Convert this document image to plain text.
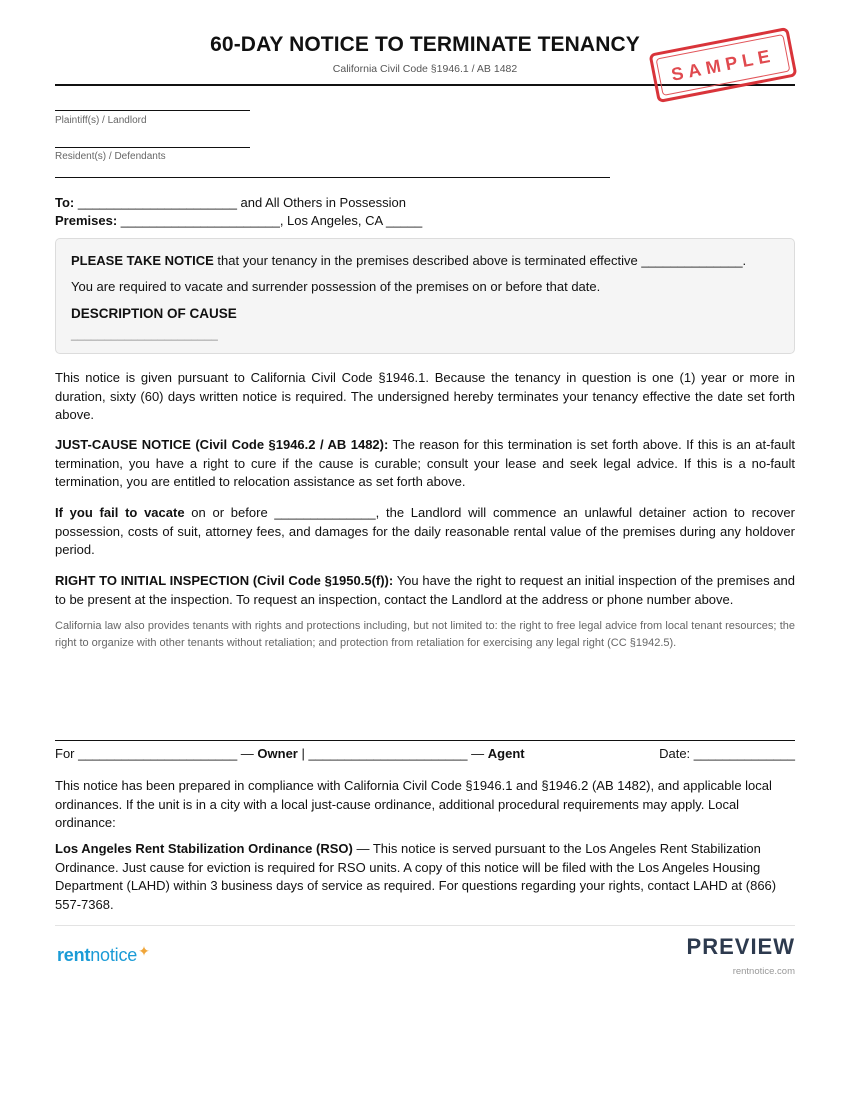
60-DAY NOTICE TO TERMINATE TENANCY
California Civil Code §1946.1 / AB 1482	SAMPLE
Plaintiff(s) / Landlord
Resident(s) / Defendants
To: ______________________ and All Others in Possession
Premises: ______________________, Los Angeles, CA _____
PLEASE TAKE NOTICE that your tenancy in the premises described above is terminated effective ______________.
You are required to vacate and surrender possession of the premises on or before that date.
DESCRIPTION OF CAUSE
______________________
This notice is given pursuant to California Civil Code §1946.1. Because the tenancy in question is one (1) year or more in duration, sixty (60) days written notice is required. The undersigned hereby terminates your tenancy effective the date set forth above.
JUST-CAUSE NOTICE (Civil Code §1946.2 / AB 1482): The reason for this termination is set forth above. If this is an at-fault termination, you have a right to cure if the cause is curable; consult your lease and seek legal advice. If this is a no-fault termination, you are entitled to relocation assistance as set forth above.
If you fail to vacate on or before ______________, the Landlord will commence an unlawful detainer action to recover possession, costs of suit, attorney fees, and damages for the daily reasonable rental value of the premises during any holdover period.
RIGHT TO INITIAL INSPECTION (Civil Code §1950.5(f)): You have the right to request an initial inspection of the premises and to be present at the inspection. To request an inspection, contact the Landlord at the address or phone number above.
California law also provides tenants with rights and protections including, but not limited to: the right to free legal advice from local tenant resources; the right to organize with other tenants without retaliation; and protection from retaliation for exercising any legal right (CC §1942.5).
For ______________________ — Owner | ______________________ — Agent	Date: ______________
This notice has been prepared in compliance with California Civil Code §1946.1 and §1946.2 (AB 1482), and applicable local ordinances. If the unit is in a city with a local just-cause ordinance, additional procedural requirements may apply. Local ordinance:
Los Angeles Rent Stabilization Ordinance (RSO) — This notice is served pursuant to the Los Angeles Rent Stabilization Ordinance. Just cause for eviction is required for RSO units. A copy of this notice will be filed with the Los Angeles Housing Department (LAHD) within 3 business days of service as required. For questions regarding your rights, contact LAHD at (866) 557-7368.
rentnotice✦	PREVIEW
rentnotice.com
